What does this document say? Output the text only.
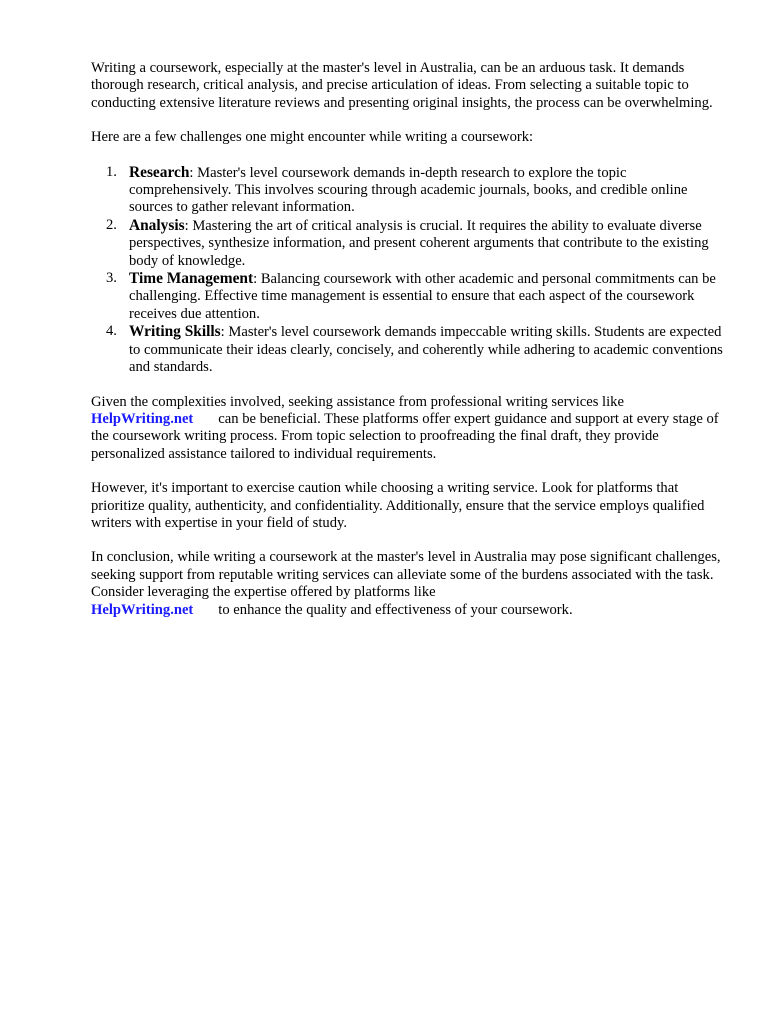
Writing a coursework, especially at the master's level in Australia, can be an arduous task. It demands thorough research, critical analysis, and precise articulation of ideas. From selecting a suitable topic to conducting extensive literature reviews and presenting original insights, the process can be overwhelming.

Here are a few challenges one might encounter while writing a coursework:

1. Research: Master's level coursework demands in-depth research to explore the topic comprehensively. This involves scouring through academic journals, books, and credible online sources to gather relevant information.
2. Analysis: Mastering the art of critical analysis is crucial. It requires the ability to evaluate diverse perspectives, synthesize information, and present coherent arguments that contribute to the existing body of knowledge.
3. Time Management: Balancing coursework with other academic and personal commitments can be challenging. Effective time management is essential to ensure that each aspect of the coursework receives due attention.
4. Writing Skills: Master's level coursework demands impeccable writing skills. Students are expected to communicate their ideas clearly, concisely, and coherently while adhering to academic conventions and standards.

Given the complexities involved, seeking assistance from professional writing services like
HelpWriting.net can be beneficial. These platforms offer expert guidance and support at every stage of the coursework writing process. From topic selection to proofreading the final draft, they provide personalized assistance tailored to individual requirements.

However, it's important to exercise caution while choosing a writing service. Look for platforms that prioritize quality, authenticity, and confidentiality. Additionally, ensure that the service employs qualified writers with expertise in your field of study.

In conclusion, while writing a coursework at the master's level in Australia may pose significant challenges, seeking support from reputable writing services can alleviate some of the burdens associated with the task. Consider leveraging the expertise offered by platforms like
HelpWriting.net to enhance the quality and effectiveness of your coursework.
